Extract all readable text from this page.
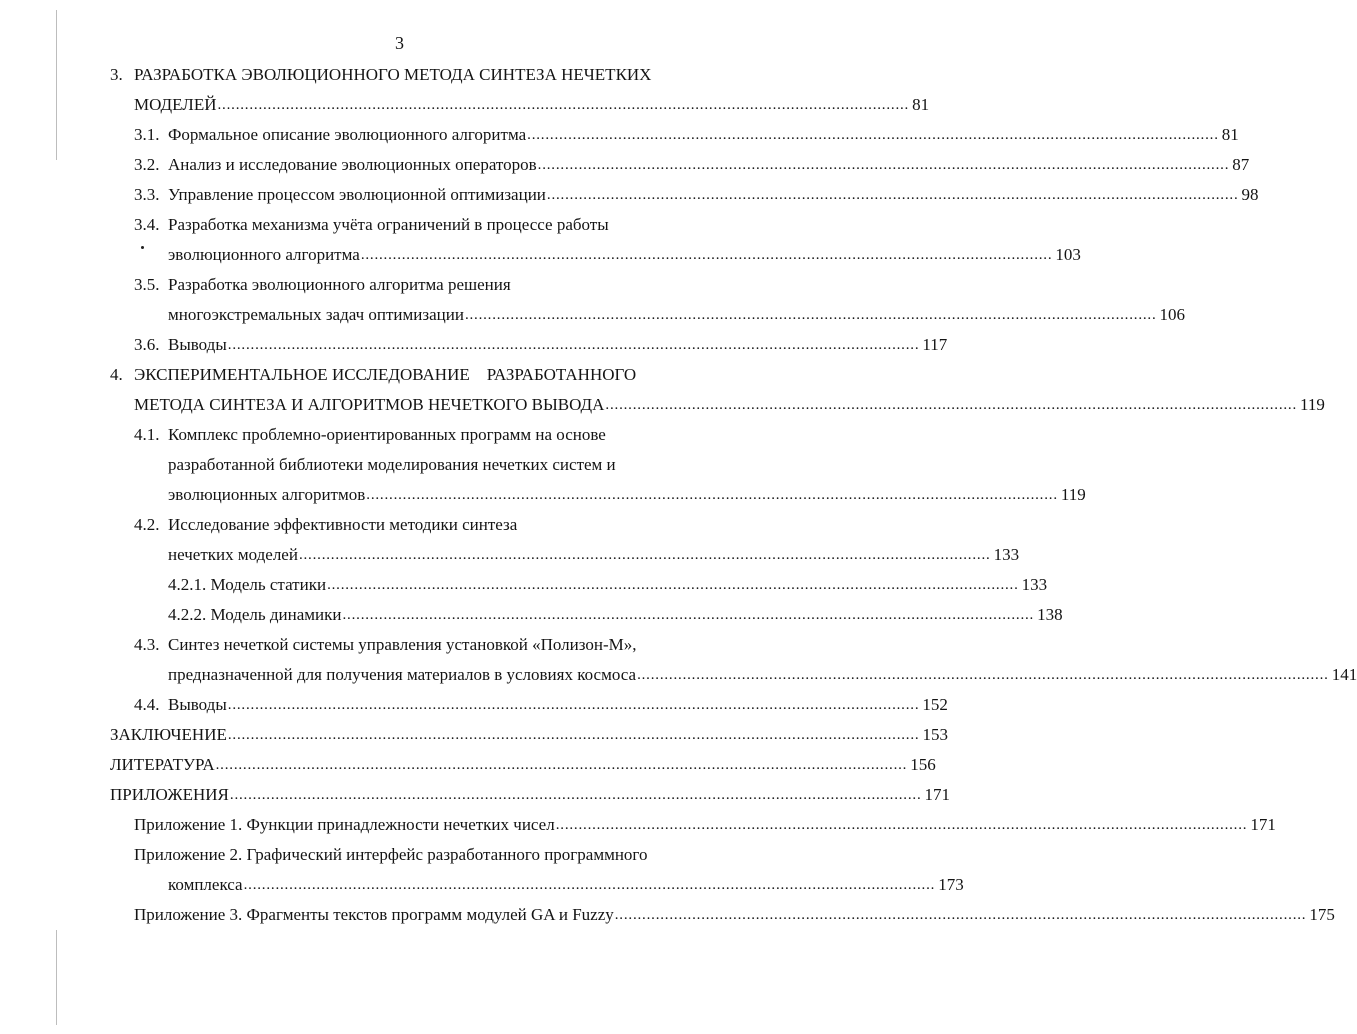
3
3. РАЗРАБОТКА ЭВОЛЮЦИОННОГО МЕТОДА СИНТЕЗА НЕЧЕТКИХ
МОДЕЛЕЙ ........................................................................................................................................................ 81
3.1. Формальное описание эволюционного алгоритма ........................................................................................................................................................ 81
3.2. Анализ и исследование эволюционных операторов ........................................................................................................................................................ 87
3.3. Управление процессом эволюционной оптимизации ........................................................................................................................................................ 98
3.4. Разработка механизма учёта ограничений в процессе работы
эволюционного алгоритма ........................................................................................................................................................ 103
3.5. Разработка эволюционного алгоритма решения
многоэкстремальных задач оптимизации ........................................................................................................................................................ 106
3.6. Выводы ........................................................................................................................................................ 117
4. ЭКСПЕРИМЕНТАЛЬНОЕ ИССЛЕДОВАНИЕ    РАЗРАБОТАННОГО
МЕТОДА СИНТЕЗА И АЛГОРИТМОВ НЕЧЕТКОГО ВЫВОДА ........................................................................................................................................................ 119
4.1. Комплекс проблемно-ориентированных программ на основе
разработанной библиотеки моделирования нечетких систем и
эволюционных алгоритмов ........................................................................................................................................................ 119
4.2. Исследование эффективности методики синтеза
нечетких моделей ........................................................................................................................................................ 133
4.2.1. Модель статики ........................................................................................................................................................ 133
4.2.2. Модель динамики ........................................................................................................................................................ 138
4.3. Синтез нечеткой системы управления установкой «Полизон-М»,
предназначенной для получения материалов в условиях космоса ........................................................................................................................................................ 141
4.4. Выводы ........................................................................................................................................................ 152
ЗАКЛЮЧЕНИЕ ........................................................................................................................................................ 153
ЛИТЕРАТУРА ........................................................................................................................................................ 156
ПРИЛОЖЕНИЯ ........................................................................................................................................................ 171
Приложение 1. Функции принадлежности нечетких чисел ........................................................................................................................................................ 171
Приложение 2. Графический интерфейс разработанного программного
комплекса ........................................................................................................................................................ 173
Приложение 3. Фрагменты текстов программ модулей GA и Fuzzy ........................................................................................................................................................ 175
